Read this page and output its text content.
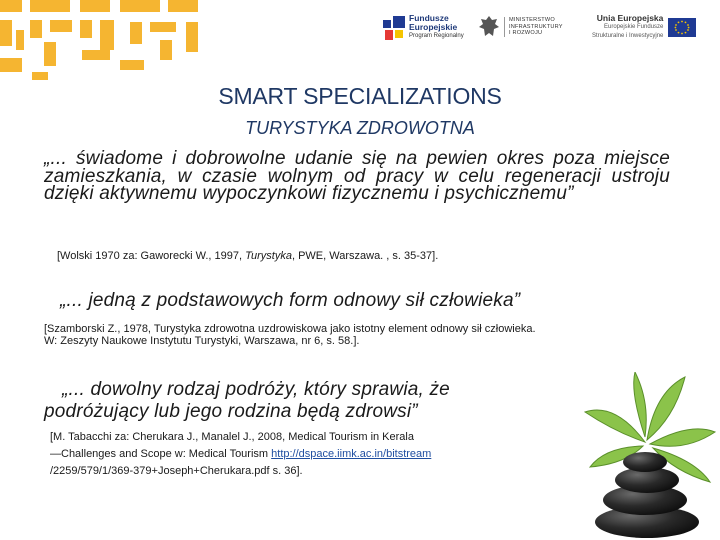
Fundusze
Europejskie
Program Regionalny
MINISTERSTWO
INFRASTRUKTURY
I ROZWOJU
Unia Europejska
Europejskie Fundusze
Strukturalne i Inwestycyjne
SMART SPECIALIZATIONS
TURYSTYKA ZDROWOTNA
„... świadome i dobrowolne udanie się na pewien okres poza miejsce zamieszkania, w czasie wolnym od pracy w celu regeneracji ustroju dzięki aktywnemu wypoczynkowi fizycznemu i psychicznemu”
[Wolski 1970 za: Gaworecki W., 1997, Turystyka, PWE, Warszawa. , s. 35-37].
„... jedną z podstawowych form odnowy sił człowieka”
[Szamborski Z., 1978, Turystyka zdrowotna uzdrowiskowa jako istotny element odnowy sił człowieka.
W: Zeszyty Naukowe Instytutu Turystyki, Warszawa, nr 6, s. 58.].
„... dowolny rodzaj podróży, który sprawia, że
podróżujący lub jego rodzina będą zdrowsi”
[M. Tabacchi za: Cherukara J., Manalel J., 2008, Medical Tourism in Kerala
—Challenges and Scope w: Medical Tourism http://dspace.iimk.ac.in/bitstream
/2259/579/1/369-379+Joseph+Cherukara.pdf s. 36].
